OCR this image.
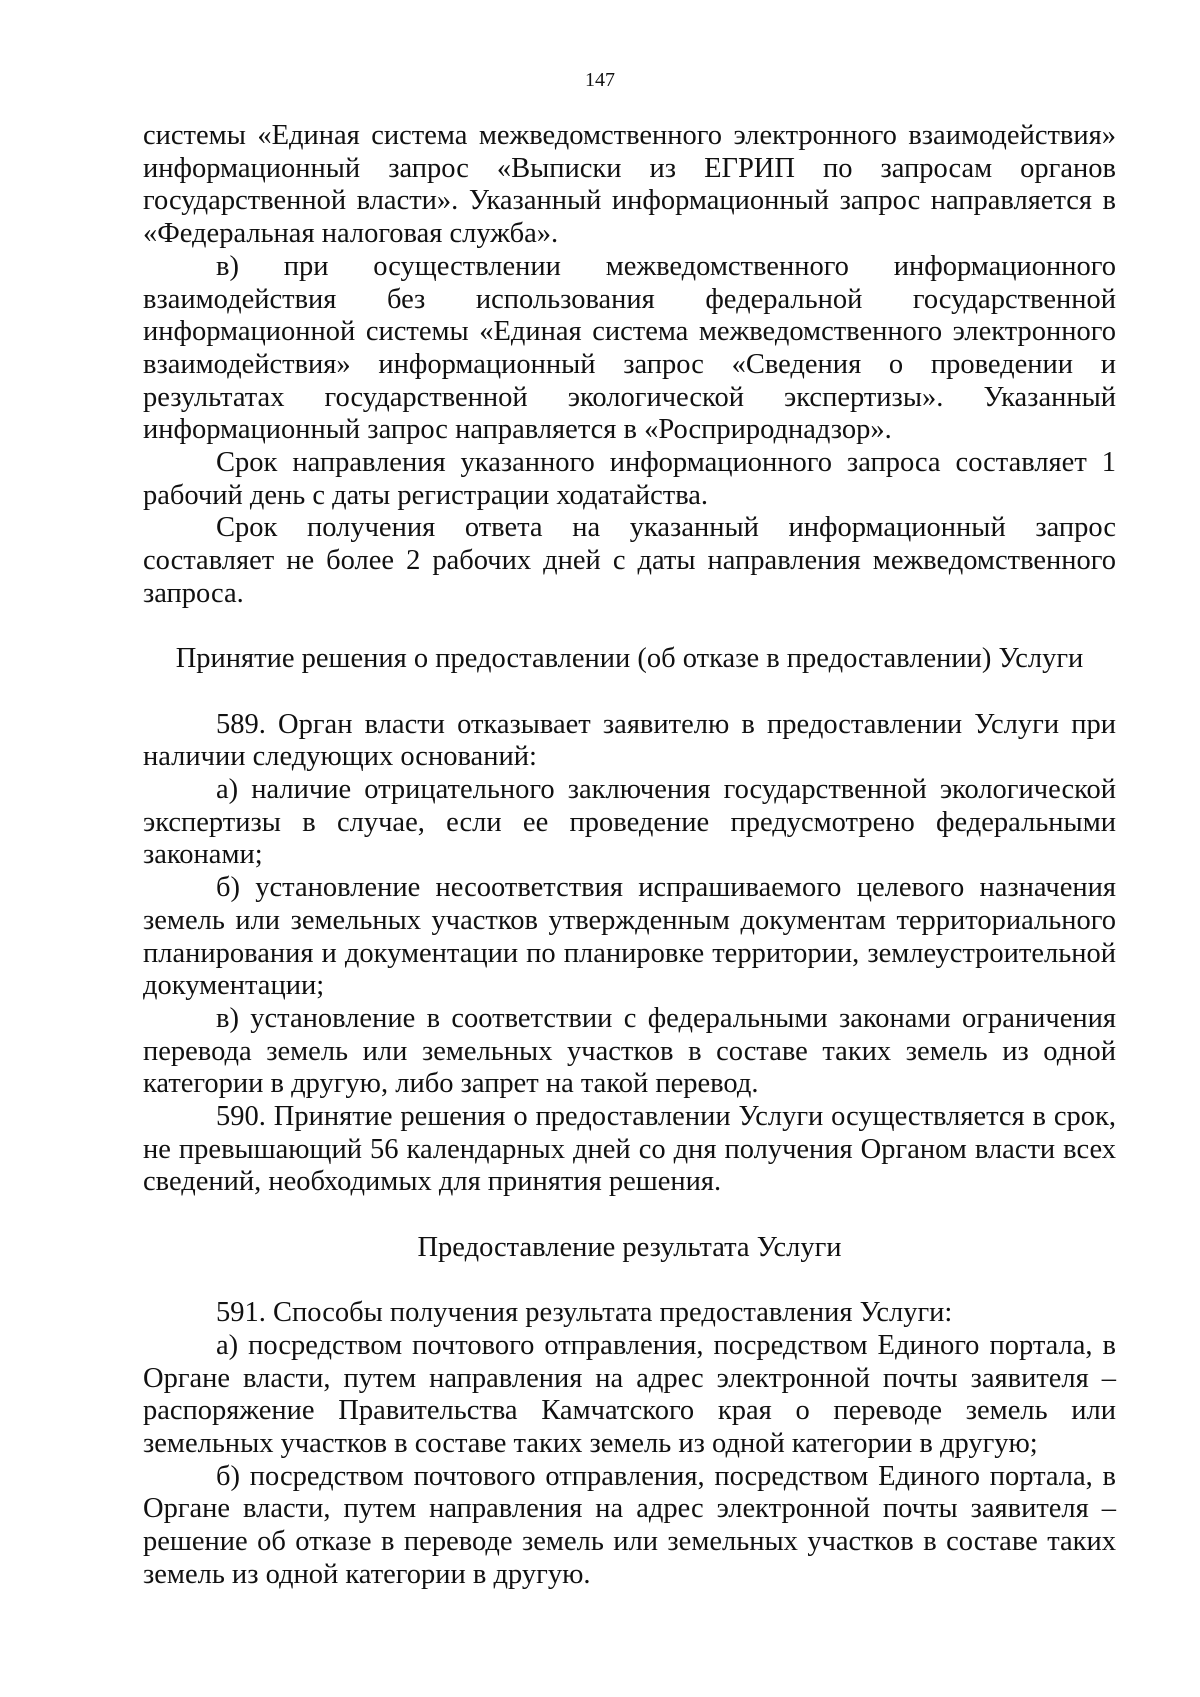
147

системы «Единая система межведомственного электронного взаимодействия» информационный запрос «Выписки из ЕГРИП по запросам органов государственной власти». Указанный информационный запрос направляется в «Федеральная налоговая служба».

в) при осуществлении межведомственного информационного взаимодействия без использования федеральной государственной информационной системы «Единая система межведомственного электронного взаимодействия» информационный запрос «Сведения о проведении и результатах государственной экологической экспертизы». Указанный информационный запрос направляется в «Росприроднадзор».

Срок направления указанного информационного запроса составляет 1 рабочий день с даты регистрации ходатайства.

Срок получения ответа на указанный информационный запрос составляет не более 2 рабочих дней с даты направления межведомственного запроса.

Принятие решения о предоставлении (об отказе в предоставлении) Услуги

589. Орган власти отказывает заявителю в предоставлении Услуги при наличии следующих оснований:

а) наличие отрицательного заключения государственной экологической экспертизы в случае, если ее проведение предусмотрено федеральными законами;

б) установление несоответствия испрашиваемого целевого назначения земель или земельных участков утвержденным документам территориального планирования и документации по планировке территории, землеустроительной документации;

в) установление в соответствии с федеральными законами ограничения перевода земель или земельных участков в составе таких земель из одной категории в другую, либо запрет на такой перевод.

590. Принятие решения о предоставлении Услуги осуществляется в срок, не превышающий 56 календарных дней со дня получения Органом власти всех сведений, необходимых для принятия решения.

Предоставление результата Услуги

591. Способы получения результата предоставления Услуги:

а) посредством почтового отправления, посредством Единого портала, в Органе власти, путем направления на адрес электронной почты заявителя – распоряжение Правительства Камчатского края о переводе земель или земельных участков в составе таких земель из одной категории в другую;

б) посредством почтового отправления, посредством Единого портала, в Органе власти, путем направления на адрес электронной почты заявителя – решение об отказе в переводе земель или земельных участков в составе таких земель из одной категории в другую.
